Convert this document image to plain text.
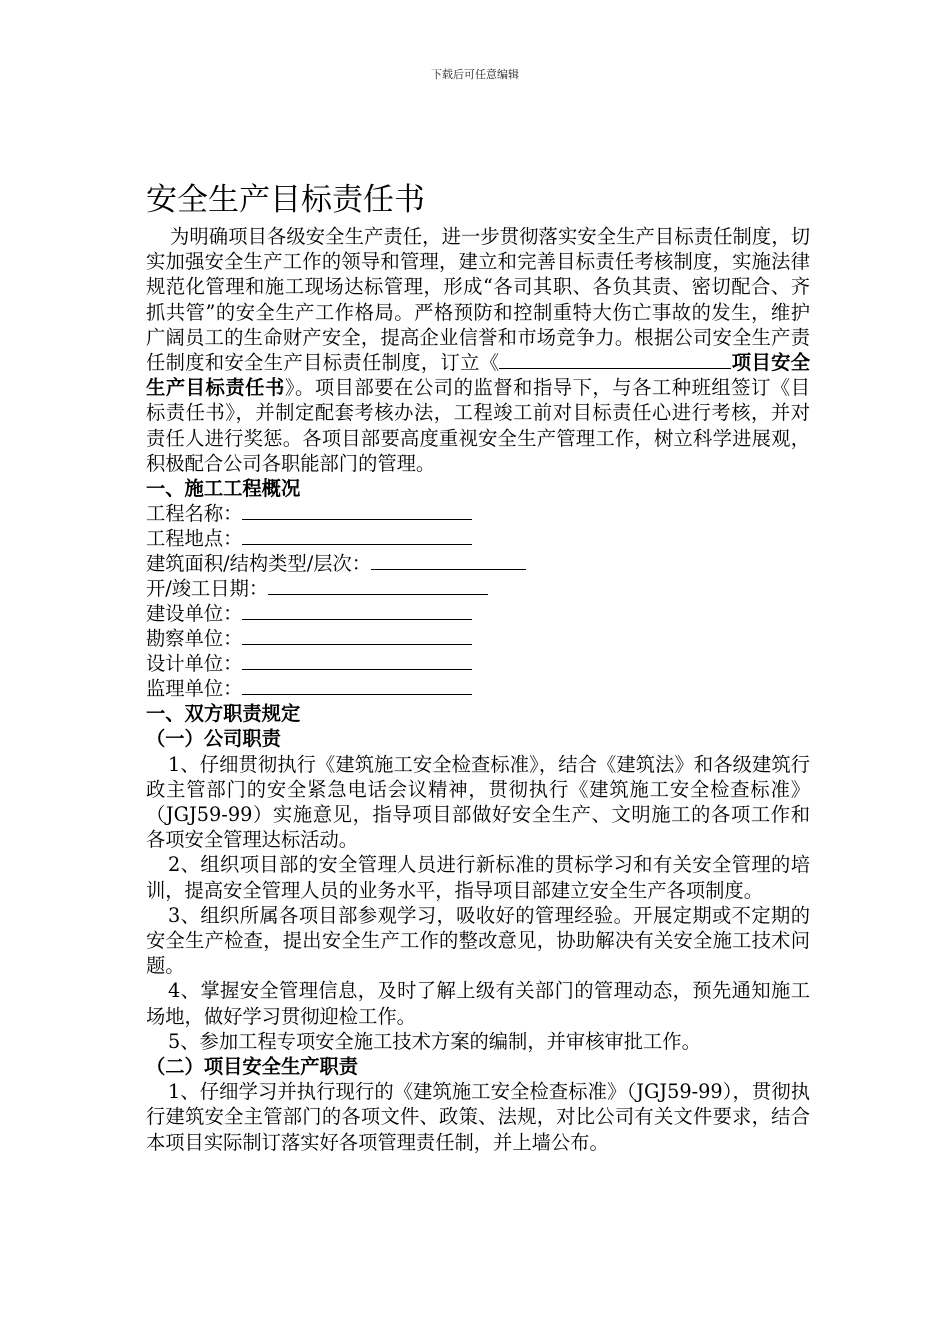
下载后可任意编辑
安全生产目标责任书

为明确项目各级安全生产责任，进一步贯彻落实安全生产目标责任制度，切实加强安全生产工作的领导和管理，建立和完善目标责任考核制度，实施法律规范化管理和施工现场达标管理，形成“各司其职、各负其责、密切配合、齐抓共管”的安全生产工作格局。严格预防和控制重特大伤亡事故的发生，维护广阔员工的生命财产安全，提高企业信誉和市场竞争力。根据公司安全生产责任制度和安全生产目标责任制度，订立《	项目安全生产目标责任书》。项目部要在公司的监督和指导下，与各工种班组签订《目标责任书》，并制定配套考核办法，工程竣工前对目标责任心进行考核，并对责任人进行奖惩。各项目部要高度重视安全生产管理工作，树立科学进展观，积极配合公司各职能部门的管理。

一、施工工程概况

工程名称：

工程地点：

建筑面积/结构类型/层次：

开/竣工日期：

建设单位：

勘察单位：

设计单位：

监理单位：

一、双方职责规定

（一）公司职责

1、仔细贯彻执行《建筑施工安全检查标准》，结合《建筑法》和各级建筑行政主管部门的安全紧急电话会议精神，贯彻执行《建筑施工安全检查标准》（JGJ59-99）实施意见，指导项目部做好安全生产、文明施工的各项工作和各项安全管理达标活动。

2、组织项目部的安全管理人员进行新标准的贯标学习和有关安全管理的培训，提高安全管理人员的业务水平，指导项目部建立安全生产各项制度。

3、组织所属各项目部参观学习，吸收好的管理经验。开展定期或不定期的安全生产检查，提出安全生产工作的整改意见，协助解决有关安全施工技术问题。

4、掌握安全管理信息，及时了解上级有关部门的管理动态，预先通知施工场地，做好学习贯彻迎检工作。

5、参加工程专项安全施工技术方案的编制，并审核审批工作。

（二）项目安全生产职责

1、仔细学习并执行现行的《建筑施工安全检查标准》（JGJ59-99），贯彻执行建筑安全主管部门的各项文件、政策、法规，对比公司有关文件要求，结合本项目实际制订落实好各项管理责任制，并上墙公布。
